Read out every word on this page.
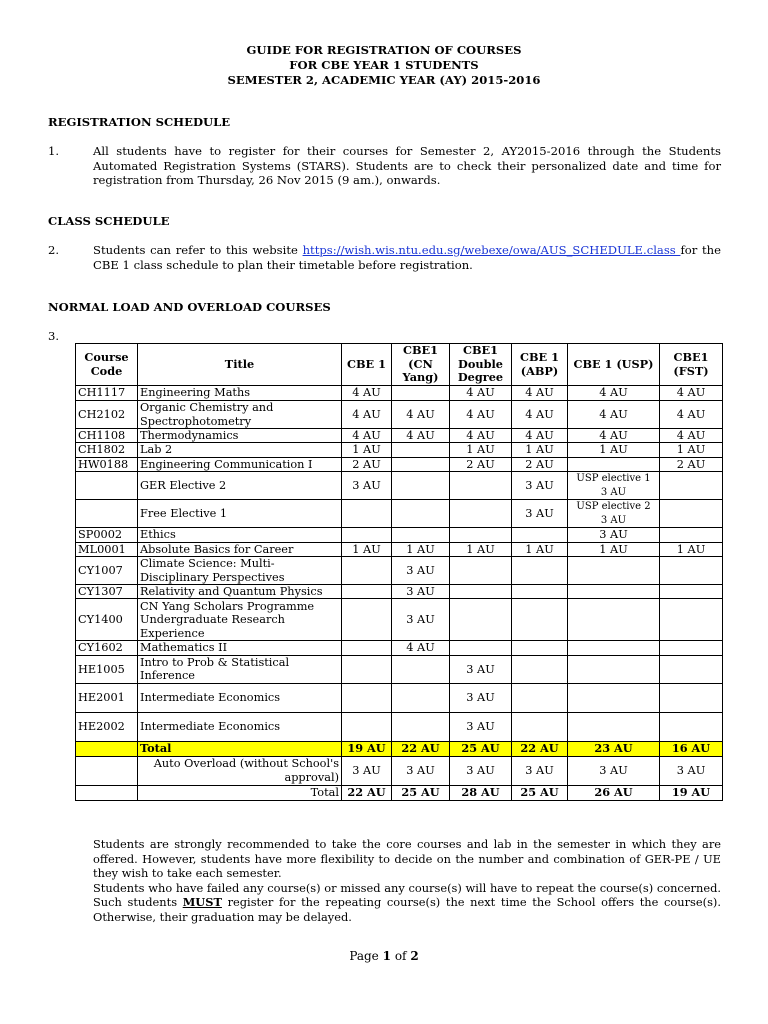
GUIDE FOR REGISTRATION OF COURSES
FOR CBE YEAR 1 STUDENTS
SEMESTER 2, ACADEMIC YEAR (AY) 2015-2016
REGISTRATION SCHEDULE
1.	All students have to register for their courses for Semester 2, AY2015-2016 through the Students Automated Registration Systems (STARS). Students are to check their personalized date and time for registration from Thursday, 26 Nov 2015 (9 am.), onwards.
CLASS SCHEDULE
2.	Students can refer to this website https://wish.wis.ntu.edu.sg/webexe/owa/AUS_SCHEDULE.class for the CBE 1 class schedule to plan their timetable before registration.
NORMAL LOAD AND OVERLOAD COURSES
3.
Course Code	Title	CBE 1	CBE1 (CN Yang)	CBE1 Double Degree	CBE 1 (ABP)	CBE 1 (USP)	CBE1 (FST)
CH1117	Engineering Maths	4 AU		4 AU	4 AU	4 AU	4 AU
CH2102	Organic Chemistry and Spectrophotometry	4 AU	4 AU	4 AU	4 AU	4 AU	4 AU
CH1108	Thermodynamics	4 AU	4 AU	4 AU	4 AU	4 AU	4 AU
CH1802	Lab 2	1 AU		1 AU	1 AU	1 AU	1 AU
HW0188	Engineering Communication I	2 AU		2 AU	2 AU		2 AU
	GER Elective 2	3 AU			3 AU	USP elective 1
3 AU	

	Free Elective 1				3 AU	USP elective 2
3 AU	

SP0002	Ethics					3 AU	
ML0001	Absolute Basics for Career	1 AU	1 AU	1 AU	1 AU	1 AU	1 AU
CY1007	Climate Science: Multi-Disciplinary Perspectives		3 AU				
CY1307	Relativity and Quantum Physics		3 AU				
CY1400	CN Yang Scholars Programme Undergraduate Research Experience		3 AU				
CY1602	Mathematics II		4 AU				
HE1005	Intro to Prob & Statistical Inference			3 AU			
HE2001	Intermediate Economics			3 AU			
HE2002	Intermediate Economics			3 AU			
	Total	19 AU	22 AU	25 AU	22 AU	23 AU	16 AU
	Auto Overload (without School's approval)	3 AU	3 AU	3 AU	3 AU	3 AU	3 AU
	Total	22 AU	25 AU	28 AU	25 AU	26 AU	19 AU

Students are strongly recommended to take the core courses and lab in the semester in which they are offered. However, students have more flexibility to decide on the number and combination of GER-PE / UE they wish to take each semester.

Students who have failed any course(s) or missed any course(s) will have to repeat the course(s) concerned. Such students MUST register for the repeating course(s) the next time the School offers the course(s). Otherwise, their graduation may be delayed.

Page 1 of 2
